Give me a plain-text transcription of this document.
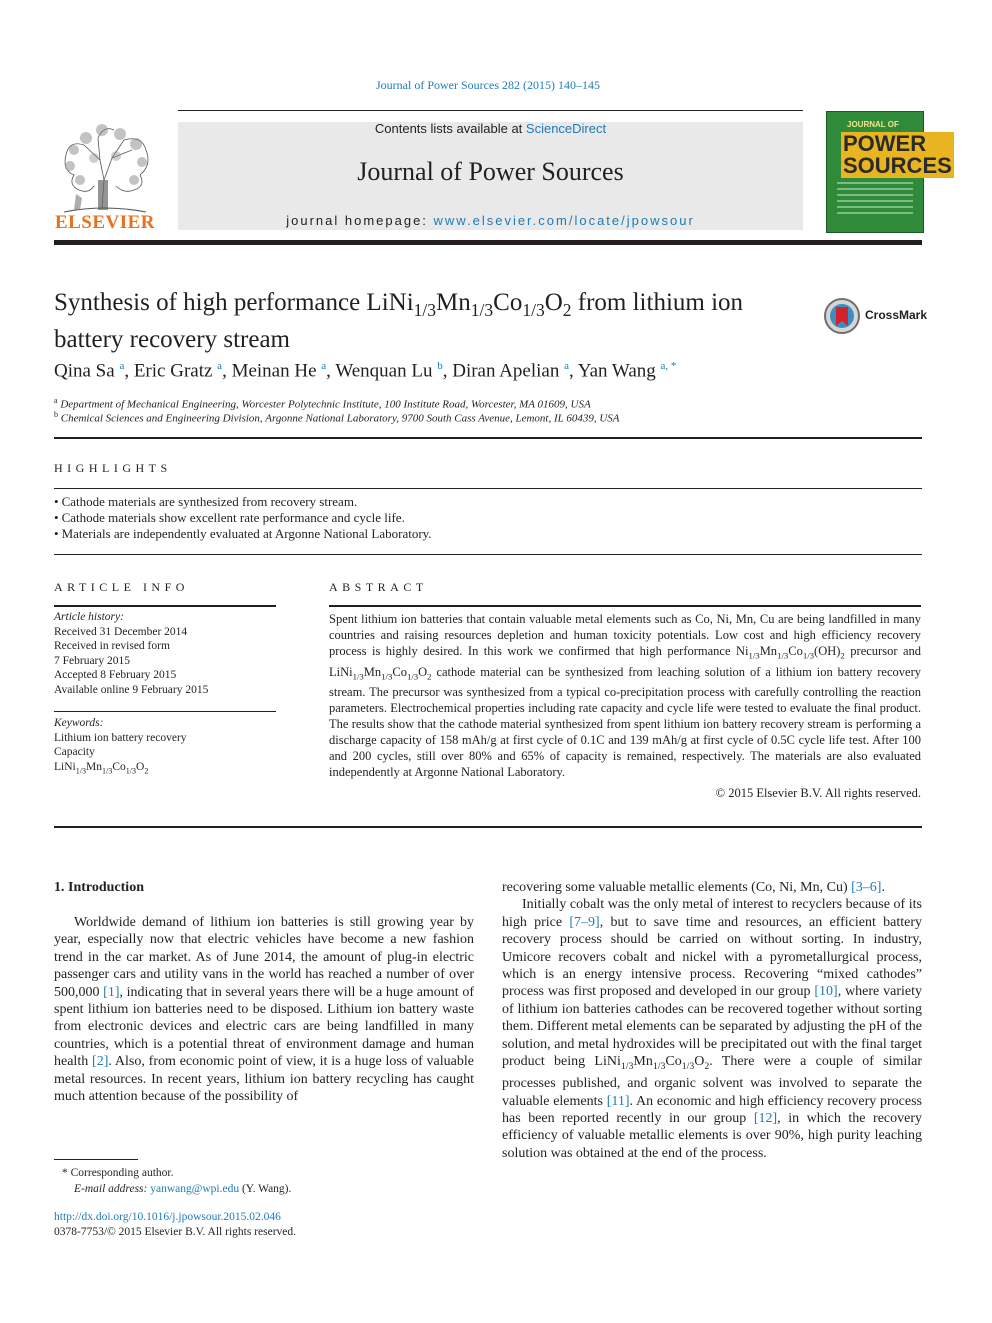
Journal of Power Sources 282 (2015) 140–145
Contents lists available at ScienceDirect
Journal of Power Sources
journal homepage: www.elsevier.com/locate/jpowsour
ELSEVIER
JOURNAL OF
POWER
SOURCES
Synthesis of high performance $LiNi_{1/3}Mn_{1/3}Co_{1/3}O_2$ from lithium ion
battery recovery stream
CrossMark
Qina Sa $^a$, Eric Gratz $^a$, Meinan He $^a$, Wenquan Lu $^b$, Diran Apelian $^a$, Yan Wang $^{a, *}$
$^a$ Department of Mechanical Engineering, Worcester Polytechnic Institute, 100 Institute Road, Worcester, MA 01609, USA
$^b$ Chemical Sciences and Engineering Division, Argonne National Laboratory, 9700 South Cass Avenue, Lemont, IL 60439, USA
HIGHLIGHTS
• Cathode materials are synthesized from recovery stream.
• Cathode materials show excellent rate performance and cycle life.
• Materials are independently evaluated at Argonne National Laboratory.
ARTICLE INFO
Article history:
Received 31 December 2014
Received in revised form
7 February 2015
Accepted 8 February 2015
Available online 9 February 2015
Keywords:
Lithium ion battery recovery
Capacity
$LiNi_{1/3}Mn_{1/3}Co_{1/3}O_2$
ABSTRACT
Spent lithium ion batteries that contain valuable metal elements such as Co, Ni, Mn, Cu are being landfilled in many countries and raising resources depletion and human toxicity potentials. Low cost and high efficiency recovery process is highly desired. In this work we confirmed that high performance $Ni_{1/3}Mn_{1/3}Co_{1/3}(OH)_2$ precursor and $LiNi_{1/3}Mn_{1/3}Co_{1/3}O_2$ cathode material can be synthesized from leaching solution of a lithium ion battery recovery stream. The precursor was synthesized from a typical co-precipitation process with carefully controlling the reaction parameters. Electrochemical properties including rate capacity and cycle life were tested to evaluate the final product. The results show that the cathode material synthesized from spent lithium ion battery recovery stream is performing a discharge capacity of 158 mAh/g at first cycle of 0.1C and 139 mAh/g at first cycle of 0.5C cycle life test. After 100 and 200 cycles, still over 80% and 65% of capacity is remained, respectively. The materials are also evaluated independently at Argonne National Laboratory.
© 2015 Elsevier B.V. All rights reserved.
1. Introduction

Worldwide demand of lithium ion batteries is still growing year by year, especially now that electric vehicles have become a new fashion trend in the car market. As of June 2014, the amount of plug-in electric passenger cars and utility vans in the world has reached a number of over 500,000 [1], indicating that in several years there will be a huge amount of spent lithium ion batteries need to be disposed. Lithium ion battery waste from electronic devices and electric cars are being landfilled in many countries, which is a potential threat of environment damage and human health [2]. Also, from economic point of view, it is a huge loss of valuable metal resources. In recent years, lithium ion battery recycling has caught much attention because of the possibility of

recovering some valuable metallic elements (Co, Ni, Mn, Cu) [3–6].

Initially cobalt was the only metal of interest to recyclers because of its high price [7–9], but to save time and resources, an efficient battery recovery process should be carried on without sorting. In industry, Umicore recovers cobalt and nickel with a pyrometallurgical process, which is an energy intensive process. Recovering “mixed cathodes” process was first proposed and developed in our group [10], where variety of lithium ion batteries cathodes can be recovered together without sorting them. Different metal elements can be separated by adjusting the pH of the solution, and metal hydroxides will be precipitated out with the final target product being $LiNi_{1/3}Mn_{1/3}Co_{1/3}O_2$. There were a couple of similar processes published, and organic solvent was involved to separate the valuable elements [11]. An economic and high efficiency recovery process has been reported recently in our group [12], in which the recovery efficiency of valuable metallic elements is over 90%, high purity leaching solution was obtained at the end of the process.

* Corresponding author.
E-mail address: yanwang@wpi.edu (Y. Wang).
http://dx.doi.org/10.1016/j.jpowsour.2015.02.046
0378-7753/© 2015 Elsevier B.V. All rights reserved.
